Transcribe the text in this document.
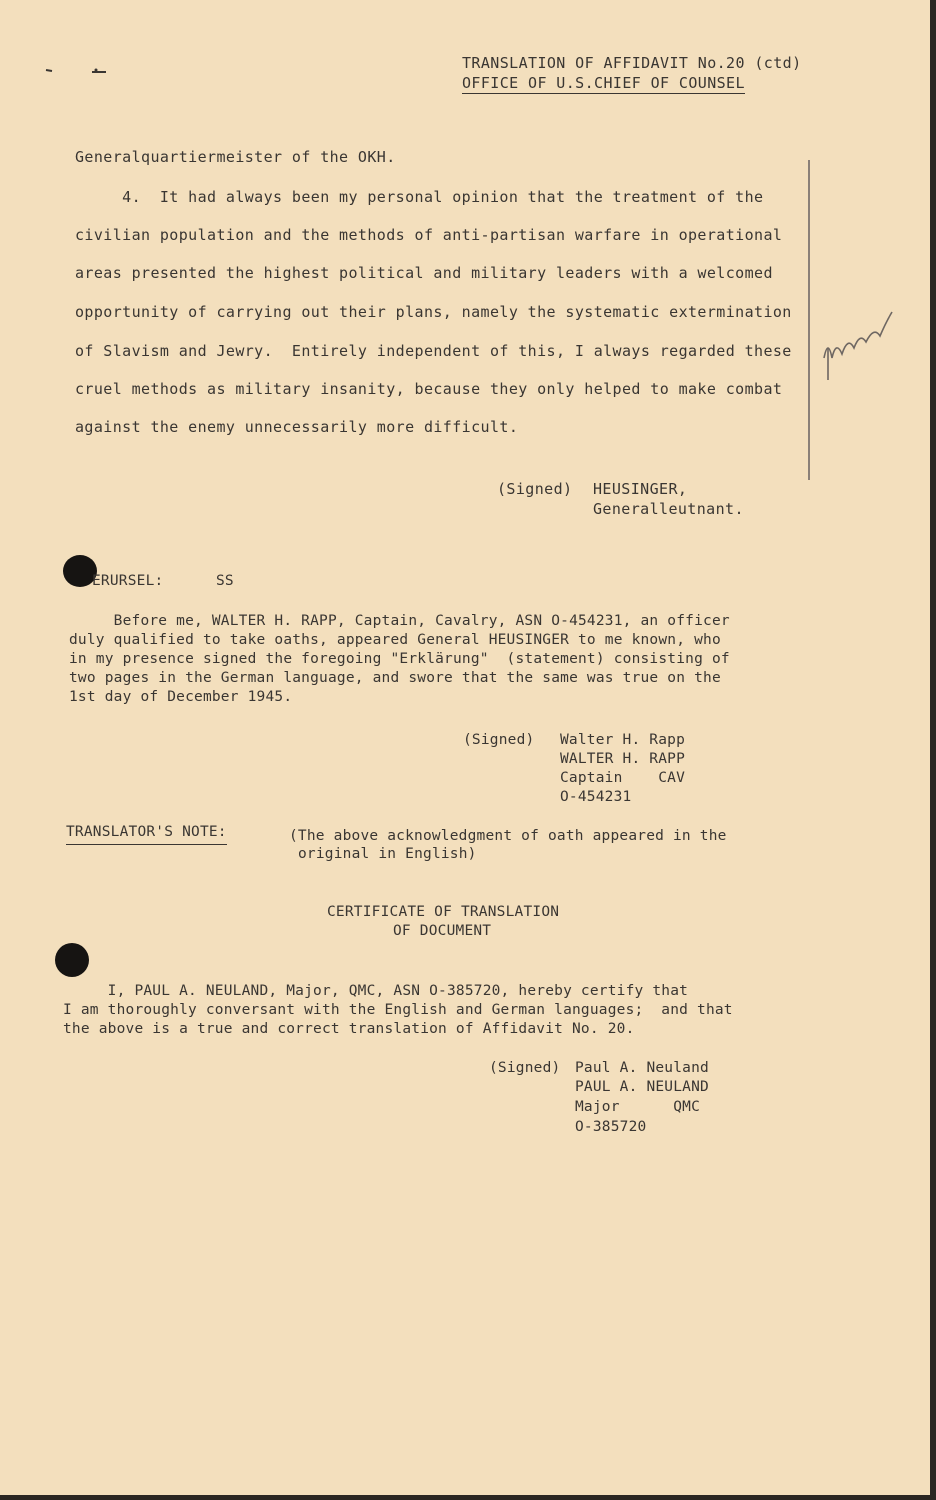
TRANSLATION OF AFFIDAVIT No.20 (ctd)
OFFICE OF U.S.CHIEF OF COUNSEL
Generalquartiermeister of the OKH.
4.  It had always been my personal opinion that the treatment of the
civilian population and the methods of anti-partisan warfare in operational
areas presented the highest political and military leaders with a welcomed
opportunity of carrying out their plans, namely the systematic extermination
of Slavism and Jewry.  Entirely independent of this, I always regarded these
cruel methods as military insanity, because they only helped to make combat
against the enemy unnecessarily more difficult.
(Signed) HEUSINGER,
Generalleutnant.
ERURSEL:	SS
Before me, WALTER H. RAPP, Captain, Cavalry, ASN O-454231, an officer
duly qualified to take oaths, appeared General HEUSINGER to me known, who
in my presence signed the foregoing "Erklärung"  (statement) consisting of
two pages in the German language, and swore that the same was true on the
1st day of December 1945.
(Signed) Walter H. Rapp
WALTER H. RAPP
Captain    CAV
O-454231
TRANSLATOR'S NOTE:	(The above acknowledgment of oath appeared in the
original in English)
CERTIFICATE OF TRANSLATION
OF DOCUMENT
I, PAUL A. NEULAND, Major, QMC, ASN O-385720, hereby certify that
I am thoroughly conversant with the English and German languages;  and that
the above is a true and correct translation of Affidavit No. 20.
(Signed) Paul A. Neuland
PAUL A. NEULAND
Major      QMC
O-385720
